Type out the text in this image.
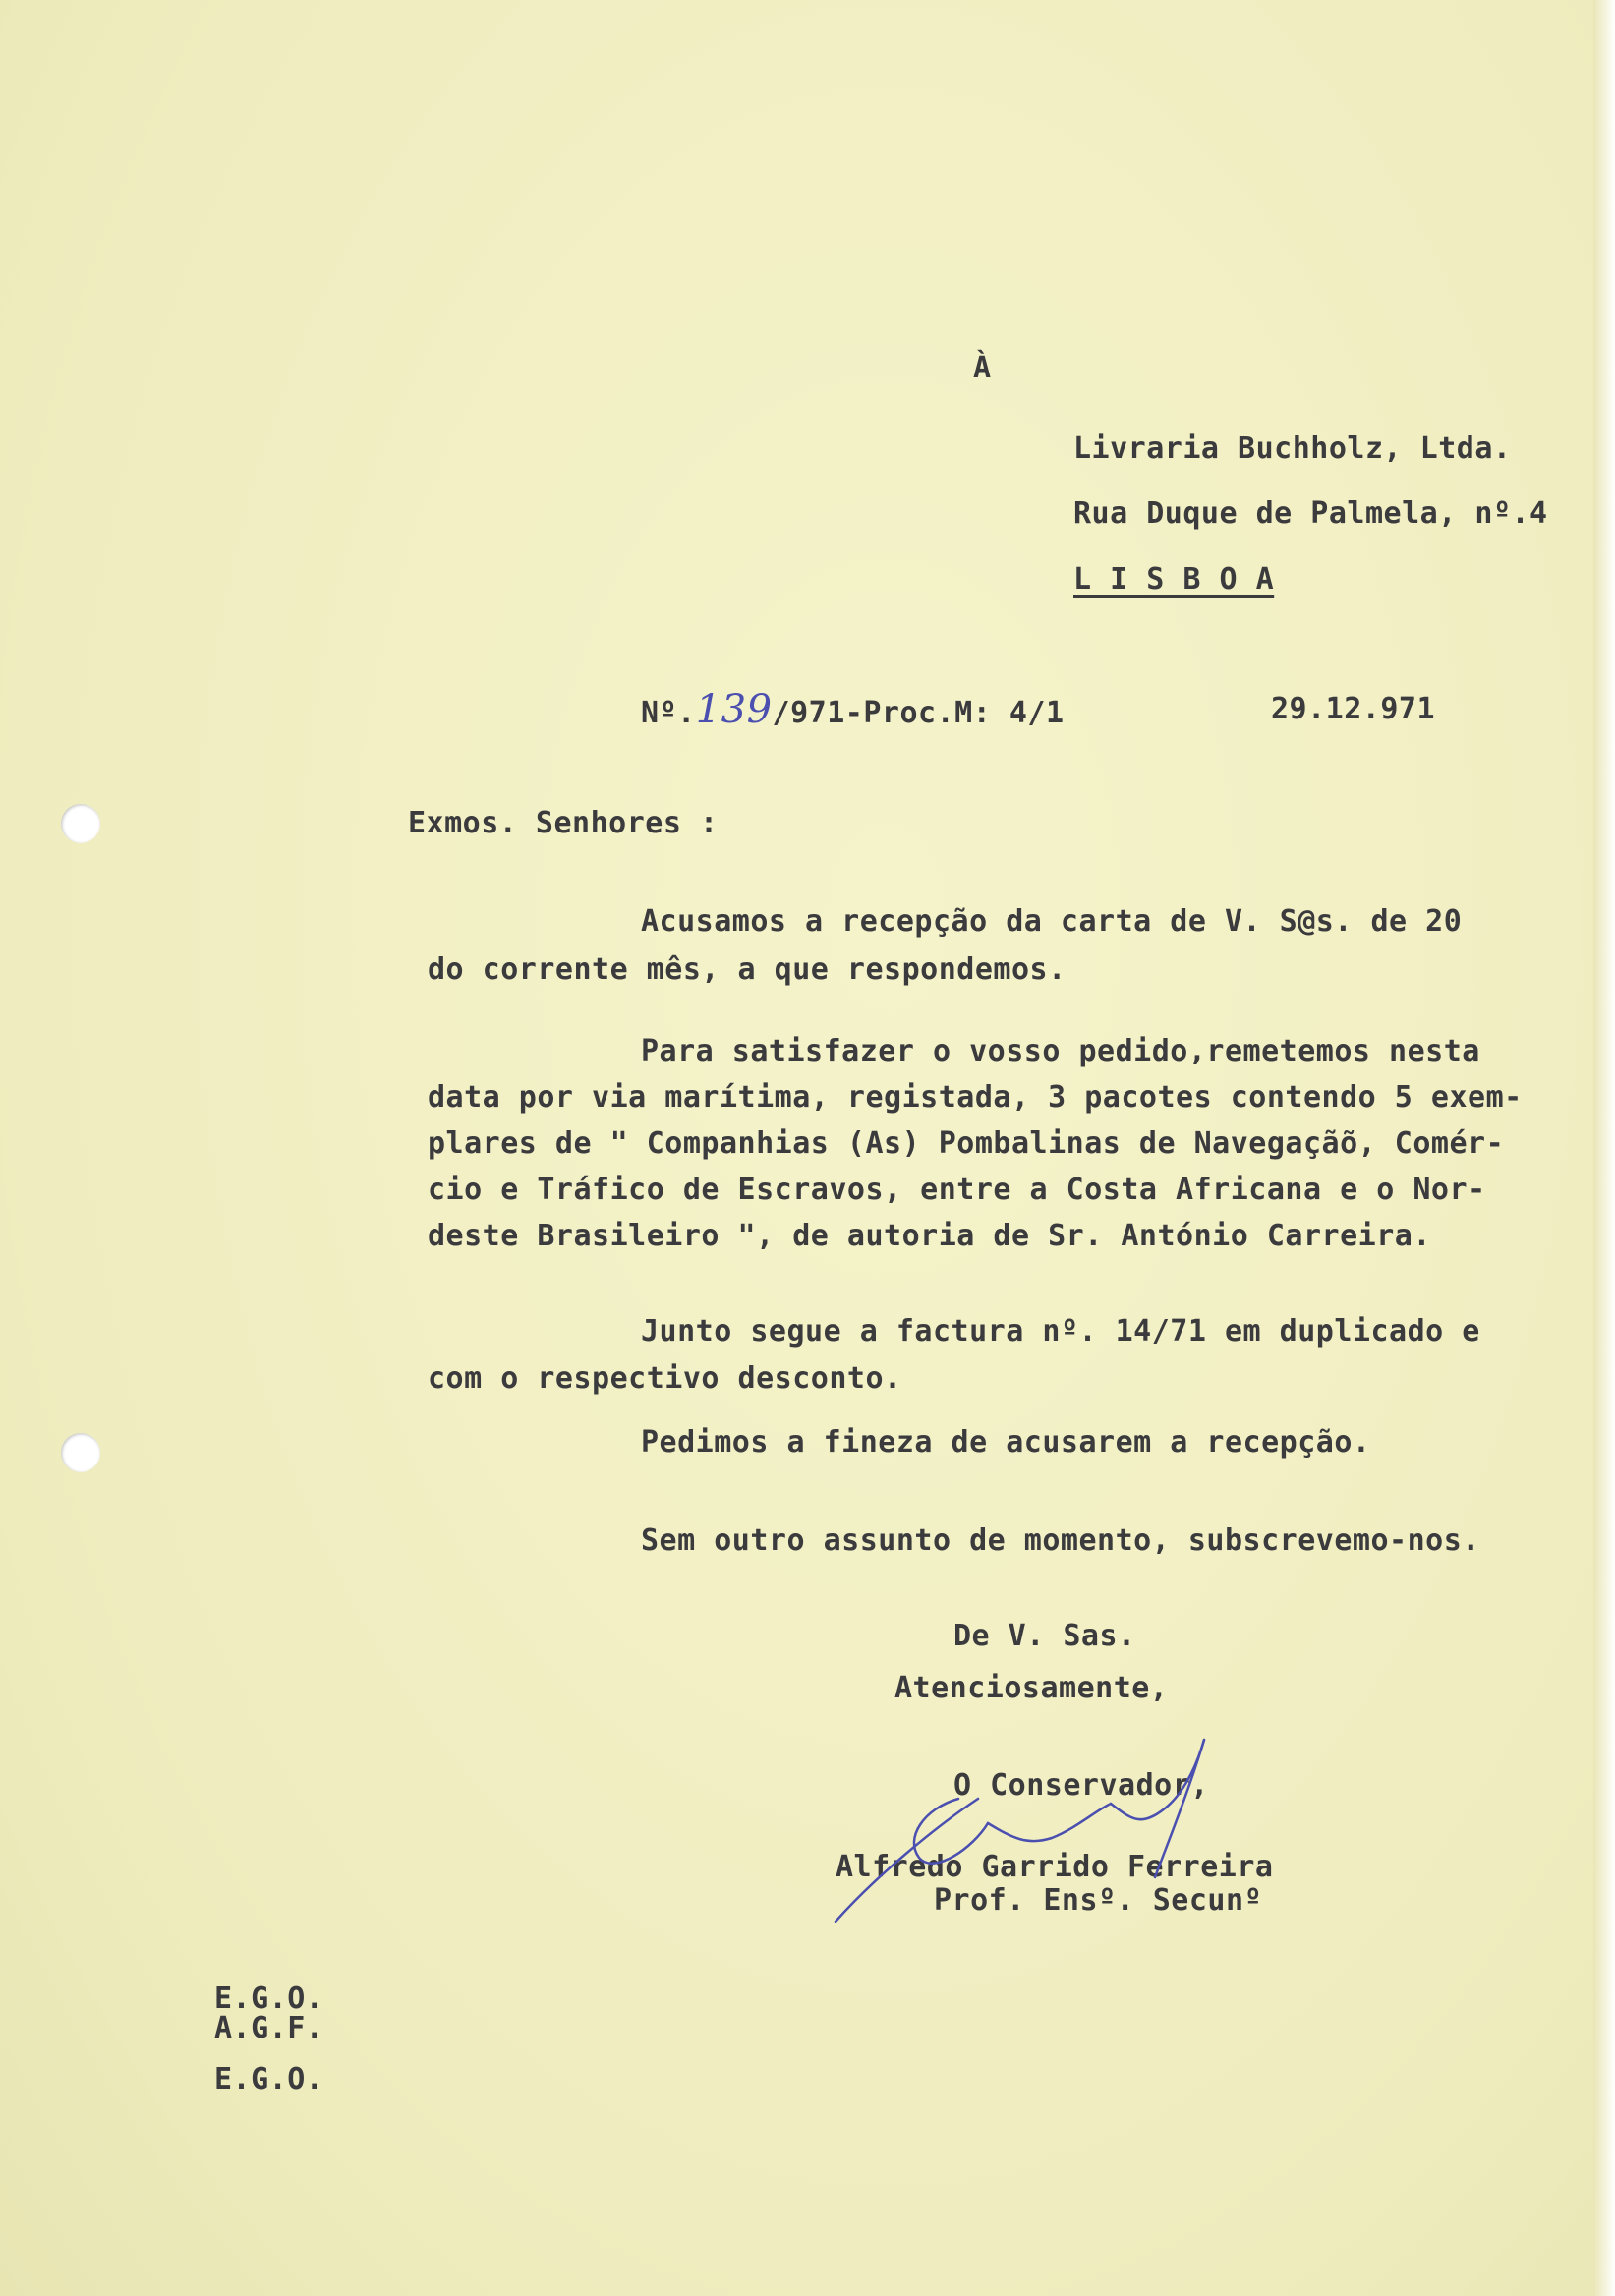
À
Livraria Buchholz, Ltda.
Rua Duque de Palmela, nº.4
L I S B O A
Nº.139/971-Proc.M: 4/1	29.12.971
Exmos. Senhores :
Acusamos a recepção da carta de V. S@s. de 20
do corrente mês, a que respondemos.
Para satisfazer o vosso pedido,remetemos nesta
data por via marítima, registada, 3 pacotes contendo 5 exem-
plares de " Companhias (As) Pombalinas de Navegaçãõ, Comér-
cio e Tráfico de Escravos, entre a Costa Africana e o Nor-
deste Brasileiro ", de autoria de Sr. António Carreira.
Junto segue a factura nº. 14/71 em duplicado e
com o respectivo desconto.
Pedimos a fineza de acusarem a recepção.
Sem outro assunto de momento, subscrevemo-nos.
De V. Sas.
Atenciosamente,
O Conservador,
Alfredo Garrido Ferreira
Prof. Ensº. Secunº
E.G.O.
A.G.F.
E.G.O.
